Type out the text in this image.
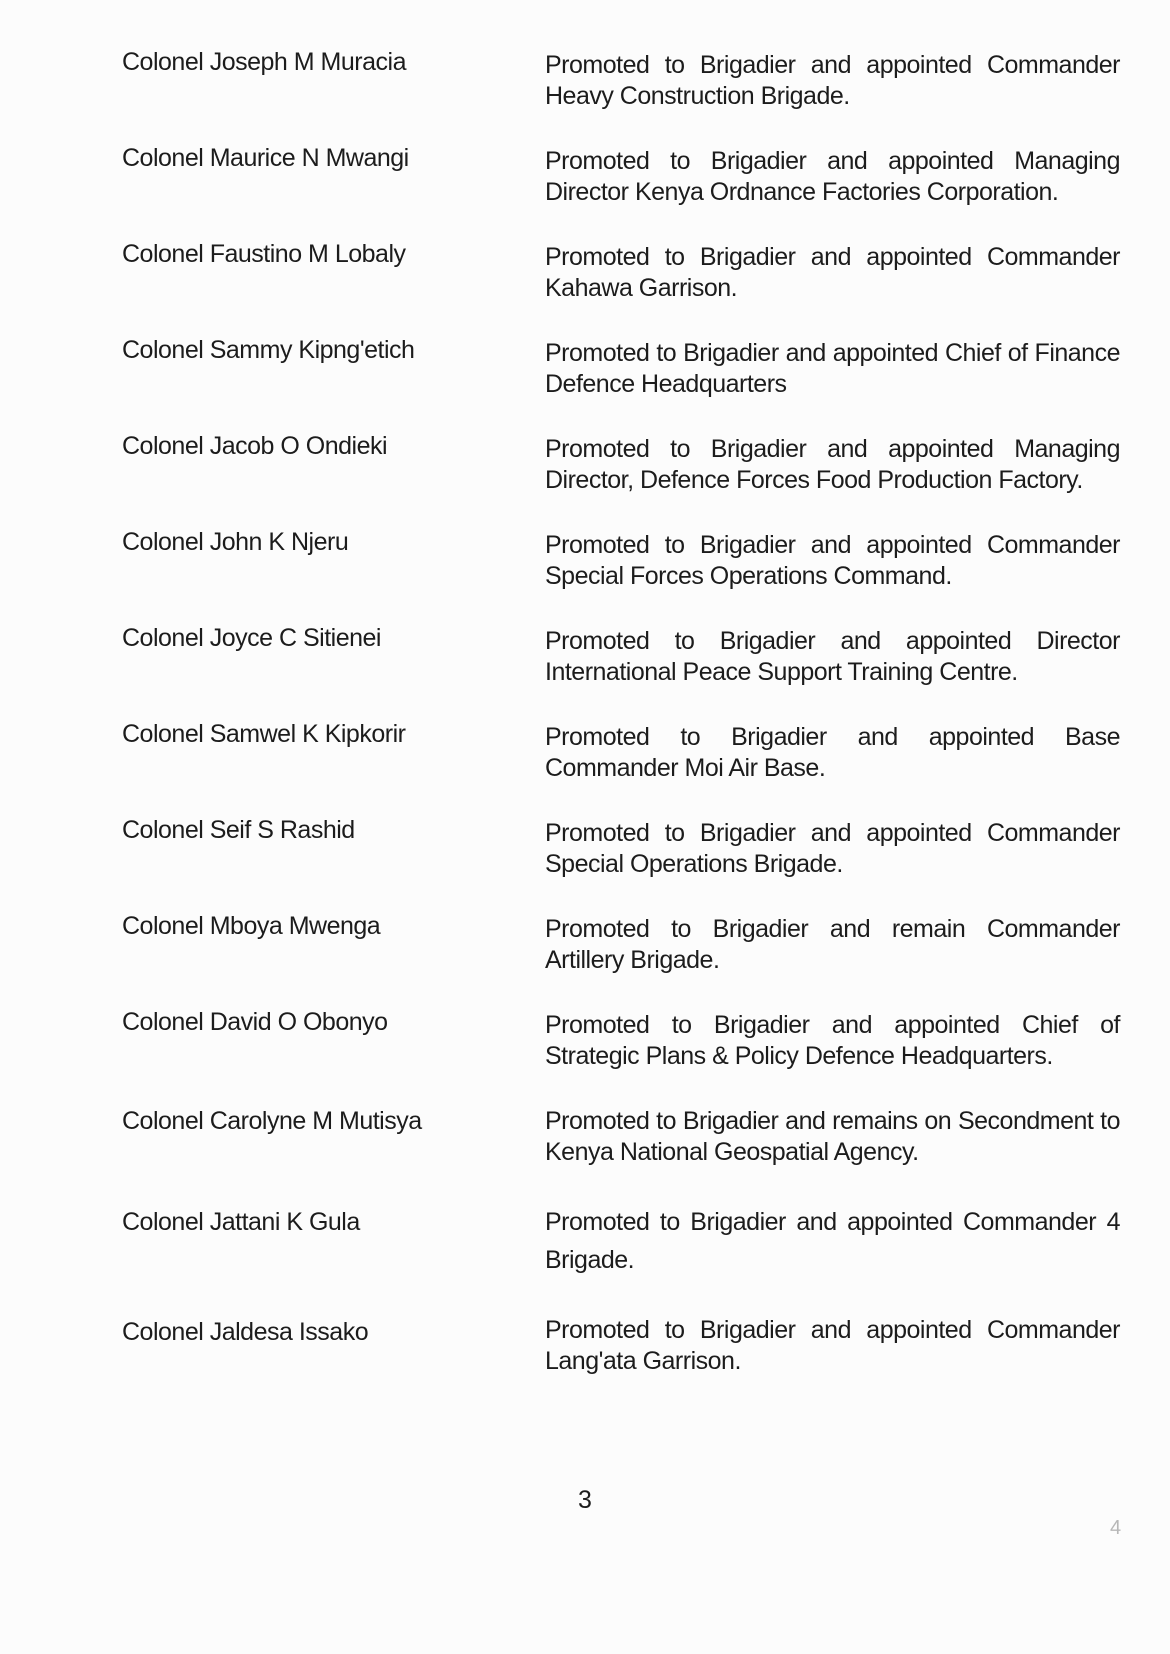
Colonel Joseph M Muracia	Promoted to Brigadier and appointed Commander Heavy Construction Brigade.
Colonel Maurice N Mwangi	Promoted to Brigadier and appointed Managing Director Kenya Ordnance Factories Corporation.
Colonel Faustino M Lobaly	Promoted to Brigadier and appointed Commander Kahawa Garrison.
Colonel Sammy Kipng'etich	Promoted to Brigadier and appointed Chief of Finance Defence Headquarters
Colonel Jacob O Ondieki	Promoted to Brigadier and appointed Managing Director, Defence Forces Food Production Factory.
Colonel John K Njeru	Promoted to Brigadier and appointed Commander Special Forces Operations Command.
Colonel Joyce C Sitienei	Promoted to Brigadier and appointed Director International Peace Support Training Centre.
Colonel Samwel K Kipkorir	Promoted to Brigadier and appointed Base Commander Moi Air Base.
Colonel Seif S Rashid	Promoted to Brigadier and appointed Commander Special Operations Brigade.
Colonel Mboya Mwenga	Promoted to Brigadier and remain Commander Artillery Brigade.
Colonel David O Obonyo	Promoted to Brigadier and appointed Chief of Strategic Plans & Policy Defence Headquarters.
Colonel Carolyne M Mutisya	Promoted to Brigadier and remains on Secondment to Kenya National Geospatial Agency.
Colonel Jattani K Gula	Promoted to Brigadier and appointed Commander 4 Brigade.
Colonel Jaldesa Issako	Promoted to Brigadier and appointed Commander Lang'ata Garrison.
3
4
